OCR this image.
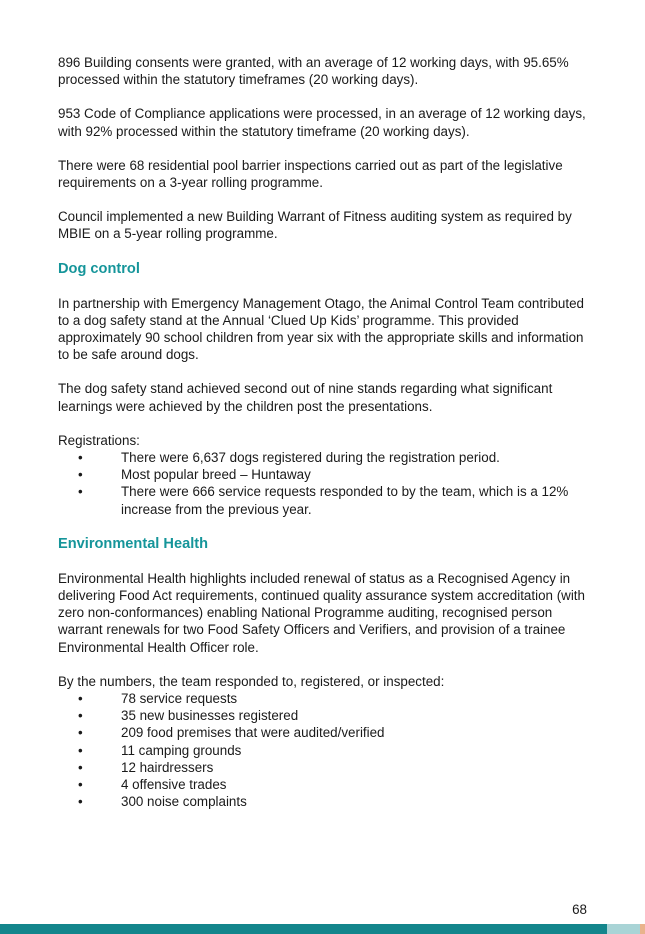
896 Building consents were granted, with an average of 12 working days, with 95.65% processed within the statutory timeframes (20 working days).

953 Code of Compliance applications were processed, in an average of 12 working days, with 92% processed within the statutory timeframe (20 working days).

There were 68 residential pool barrier inspections carried out as part of the legislative requirements on a 3-year rolling programme.

Council implemented a new Building Warrant of Fitness auditing system as required by MBIE on a 5-year rolling programme.

Dog control

In partnership with Emergency Management Otago, the Animal Control Team contributed to a dog safety stand at the Annual ‘Clued Up Kids’ programme. This provided approximately 90 school children from year six with the appropriate skills and information to be safe around dogs.

The dog safety stand achieved second out of nine stands regarding what significant learnings were achieved by the children post the presentations.

Registrations:

•	There were 6,637 dogs registered during the registration period.
•	Most popular breed – Huntaway
•	There were 666 service requests responded to by the team, which is a 12% increase from the previous year.
Environmental Health

Environmental Health highlights included renewal of status as a Recognised Agency in delivering Food Act requirements, continued quality assurance system accreditation (with zero non-conformances) enabling National Programme auditing, recognised person warrant renewals for two Food Safety Officers and Verifiers, and provision of a trainee Environmental Health Officer role.

By the numbers, the team responded to, registered, or inspected:

•	78 service requests
•	35 new businesses registered
•	209 food premises that were audited/verified
•	11 camping grounds
•	12 hairdressers
•	4 offensive trades
•	300 noise complaints
68
